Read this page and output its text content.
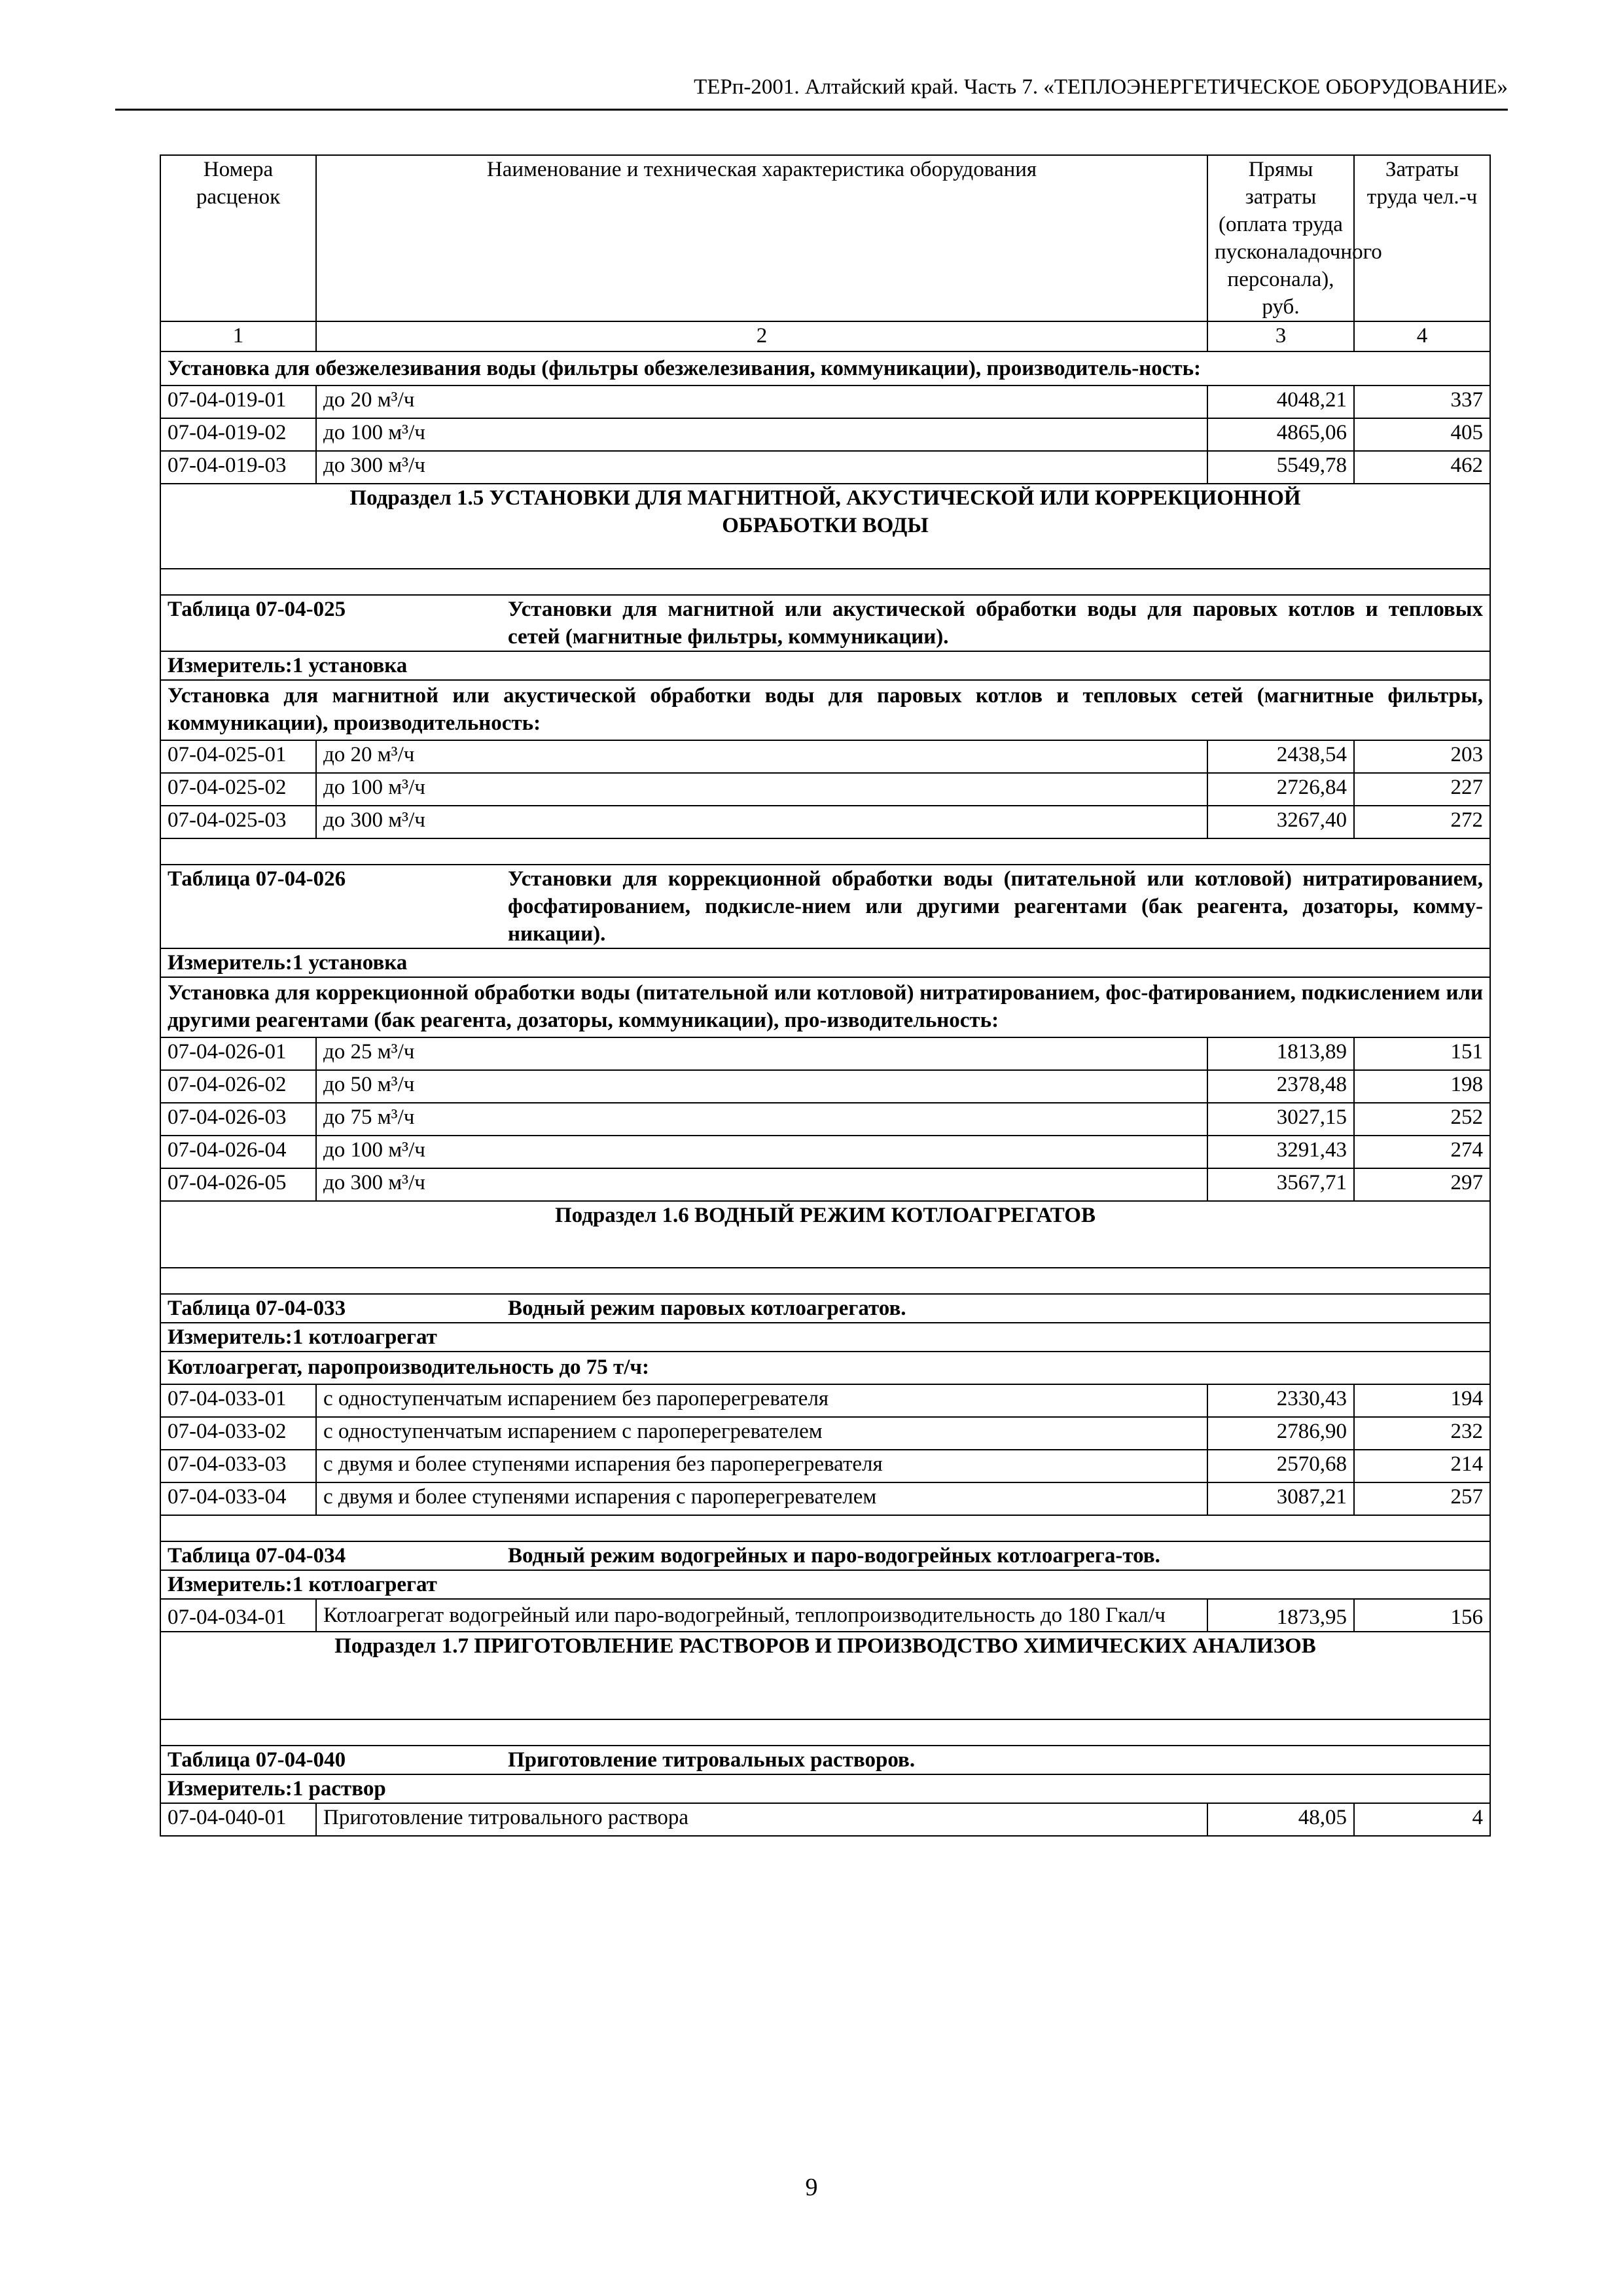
ТЕРп-2001. Алтайский край. Часть 7. «ТЕПЛОЭНЕРГЕТИЧЕСКОЕ ОБОРУДОВАНИЕ»
Номера расценок	Наименование и техническая характеристика оборудования	Прямы затраты (оплата труда пусконаладочного персонала), руб.	Затраты труда чел.-ч
1	2	3	4
Установка для обезжелезивания воды (фильтры обезжелезивания, коммуникации), производитель-ность:			
07-04-019-01	до 20 м³/ч	4048,21	337
07-04-019-02	до 100 м³/ч	4865,06	405
07-04-019-03	до 300 м³/ч	5549,78	462
Подраздел 1.5 УСТАНОВКИ ДЛЯ МАГНИТНОЙ, АКУСТИЧЕСКОЙ ИЛИ КОРРЕКЦИОННОЙ ОБРАБОТКИ ВОДЫ			

Таблица 07-04-025 Установки для магнитной или акустической обработки воды для паровых котлов и тепловых сетей (магнитные фильтры, коммуникации).			

Измеритель:1 установка			
Установка для магнитной или акустической обработки воды для паровых котлов и тепловых сетей (магнитные фильтры, коммуникации), производительность:			
07-04-025-01	до 20 м³/ч	2438,54	203
07-04-025-02	до 100 м³/ч	2726,84	227
07-04-025-03	до 300 м³/ч	3267,40	272

Таблица 07-04-026 Установки для коррекционной обработки воды (питательной или котловой) нитратированием, фосфатированием, подкисле-нием или другими реагентами (бак реагента, дозаторы, комму-никации).			

Измеритель:1 установка			
Установка для коррекционной обработки воды (питательной или котловой) нитратированием, фос-фатированием, подкислением или другими реагентами (бак реагента, дозаторы, коммуникации), про-изводительность:			
07-04-026-01	до 25 м³/ч	1813,89	151
07-04-026-02	до 50 м³/ч	2378,48	198
07-04-026-03	до 75 м³/ч	3027,15	252
07-04-026-04	до 100 м³/ч	3291,43	274
07-04-026-05	до 300 м³/ч	3567,71	297
Подраздел 1.6 ВОДНЫЙ РЕЖИМ КОТЛОАГРЕГАТОВ			

Таблица 07-04-033 Водный режим паровых котлоагрегатов.			

Измеритель:1 котлоагрегат			
Котлоагрегат, паропроизводительность до 75 т/ч:			
07-04-033-01	с одноступенчатым испарением без пароперегревателя	2330,43	194
07-04-033-02	с одноступенчатым испарением с пароперегревателем	2786,90	232
07-04-033-03	с двумя и более ступенями испарения без пароперегревателя	2570,68	214
07-04-033-04	с двумя и более ступенями испарения с пароперегревателем	3087,21	257

Таблица 07-04-034 Водный режим водогрейных и паро-водогрейных котлоагрега-тов.			

Измеритель:1 котлоагрегат			
07-04-034-01	Котлоагрегат водогрейный или паро-водогрейный, теплопроизводительность до 180 Гкал/ч	1873,95	156
Подраздел 1.7 ПРИГОТОВЛЕНИЕ РАСТВОРОВ И ПРОИЗВОДСТВО ХИМИЧЕСКИХ АНАЛИЗОВ			

Таблица 07-04-040 Приготовление титровальных растворов.			

Измеритель:1 раствор			
07-04-040-01	Приготовление титровального раствора	48,05	4
9
